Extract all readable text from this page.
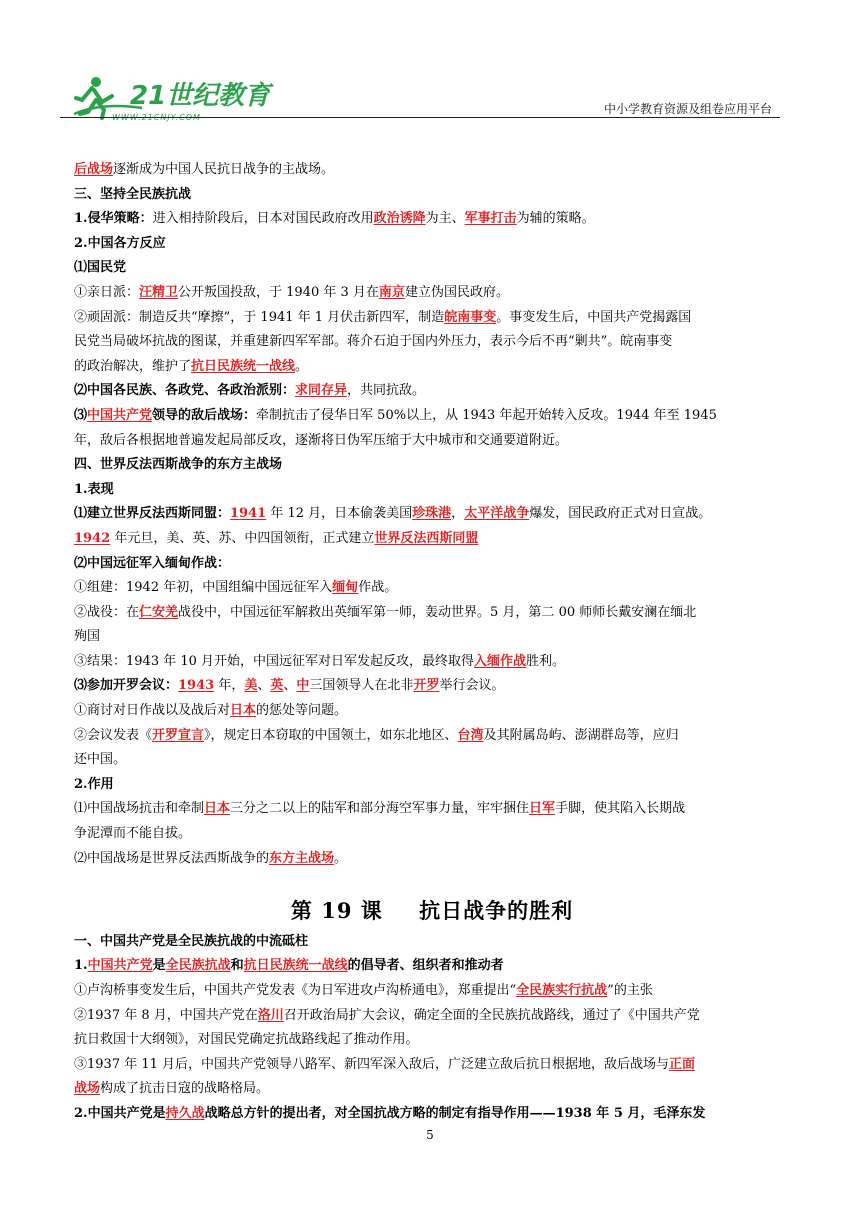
21世纪教育
WWW.21CNJY.COM
中小学教育资源及组卷应用平台
后战场逐渐成为中国人民抗日战争的主战场。
三、坚持全民族抗战
1.侵华策略：进入相持阶段后，日本对国民政府改用政治诱降为主、军事打击为辅的策略。
2.中国各方反应
⑴国民党
①亲日派：汪精卫公开叛国投敌，于 1940 年 3 月在南京建立伪国民政府。
②顽固派：制造反共“摩擦”，于 1941 年 1 月伏击新四军，制造皖南事变。事变发生后，中国共产党揭露国
民党当局破坏抗战的图谋，并重建新四军军部。蒋介石迫于国内外压力，表示今后不再“剿共”。皖南事变
的政治解决，维护了抗日民族统一战线。
⑵中国各民族、各政党、各政治派别：求同存异，共同抗敌。
⑶中国共产党领导的敌后战场：牵制抗击了侵华日军 50%以上，从 1943 年起开始转入反攻。1944 年至 1945
年，敌后各根据地普遍发起局部反攻，逐渐将日伪军压缩于大中城市和交通要道附近。
四、世界反法西斯战争的东方主战场
1.表现
⑴建立世界反法西斯同盟：1941 年 12 月，日本偷袭美国珍珠港，太平洋战争爆发，国民政府正式对日宣战。
1942 年元旦，美、英、苏、中四国领衔，正式建立世界反法西斯同盟
⑵中国远征军入缅甸作战：
①组建：1942 年初，中国组编中国远征军入缅甸作战。
②战役：在仁安羌战役中，中国远征军解救出英缅军第一师，轰动世界。5 月，第二 00 师师长戴安澜在缅北
殉国
③结果：1943 年 10 月开始，中国远征军对日军发起反攻，最终取得入缅作战胜利。
⑶参加开罗会议：1943 年，美、英、中三国领导人在北非开罗举行会议。
①商讨对日作战以及战后对日本的惩处等问题。
②会议发表《开罗宣言》，规定日本窃取的中国领土，如东北地区、台湾及其附属岛屿、澎湖群岛等，应归
还中国。
2.作用
⑴中国战场抗击和牵制日本三分之二以上的陆军和部分海空军事力量，牢牢捆住日军手脚，使其陷入长期战
争泥潭而不能自拔。
⑵中国战场是世界反法西斯战争的东方主战场。
第 19 课 抗日战争的胜利
一、中国共产党是全民族抗战的中流砥柱
1.中国共产党是全民族抗战和抗日民族统一战线的倡导者、组织者和推动者
①卢沟桥事变发生后，中国共产党发表《为日军进攻卢沟桥通电》，郑重提出“全民族实行抗战”的主张
②1937 年 8 月，中国共产党在洛川召开政治局扩大会议，确定全面的全民族抗战路线，通过了《中国共产党
抗日救国十大纲领》，对国民党确定抗战路线起了推动作用。
③1937 年 11 月后，中国共产党领导八路军、新四军深入敌后，广泛建立敌后抗日根据地，敌后战场与正面
战场构成了抗击日寇的战略格局。
2.中国共产党是持久战战略总方针的提出者，对全国抗战方略的制定有指导作用——1938 年 5 月，毛泽东发
5
